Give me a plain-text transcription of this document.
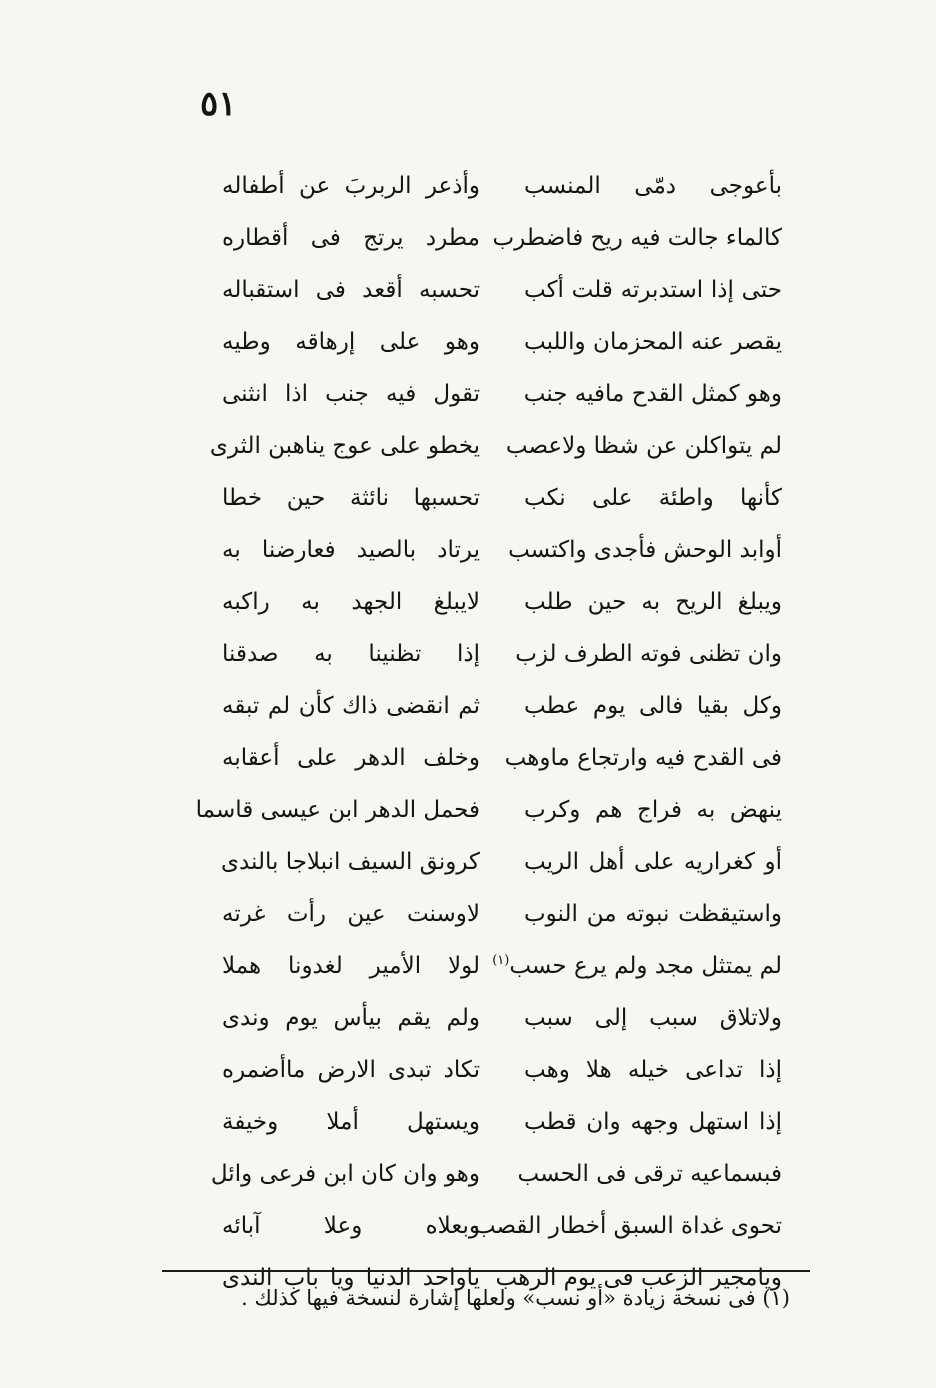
٥١
وأذعر الربربَ عن أطفاله بأعوجى دمّى المنسب
مطرد يرتج فى أقطاره كالماء جالت فيه ريح فاضطرب
تحسبه أقعد فى استقباله حتى إذا استدبرته قلت أكب
وهو على إرهاقه وطيه يقصر عنه المحزمان واللبب
تقول فيه جنب اذا انثنى وهو كمثل القدح مافيه جنب
يخطو على عوج يناهبن الثرى لم يتواكلن عن شظا ولاعصب
تحسبها نائثة حين خطا كأنها واطئة على نكب
يرتاد بالصيد فعارضنا به أوابد الوحش فأجدى واكتسب
لايبلغ الجهد به راكبه ويبلغ الريح به حين طلب
إذا تظنينا به صدقنا وان تظنى فوته الطرف لزب
ثم انقضى ذاك كأن لم تبقه وكل بقيا فالى يوم عطب
وخلف الدهر على أعقابه فى القدح فيه وارتجاع ماوهب
فحمل الدهر ابن عيسى قاسما ينهض به فراج هم وكرب
كرونق السيف انبلاجا بالندى أو كغراريه على أهل الريب
لاوسنت عين رأت غرته واستيقظت نبوته من النوب
لولا الأمير لغدونا هملا لم يمتثل مجد ولم يرع حسب$^{(١)}$
ولم يقم بيأس يوم وندى ولاتلاق سبب إلى سبب
تكاد تبدى الارض ماأضمره إذا تداعى خيله هلا وهب
ويستهل أملا وخيفة إذا استهل وجهه وان قطب
وهو وان كان ابن فرعى وائل فبسماعيه ترقى فى الحسب
وبعلاه وعلا آبائه
تحوى غداة السبق أخطار القصب
ياواحد الدنيا ويا باب الندى ويامجير الزعب فى يوم الرهب
(١) فى نسخة زيادة «أو نسب» ولعلها إشارة لنسخة فيها كذلك .
